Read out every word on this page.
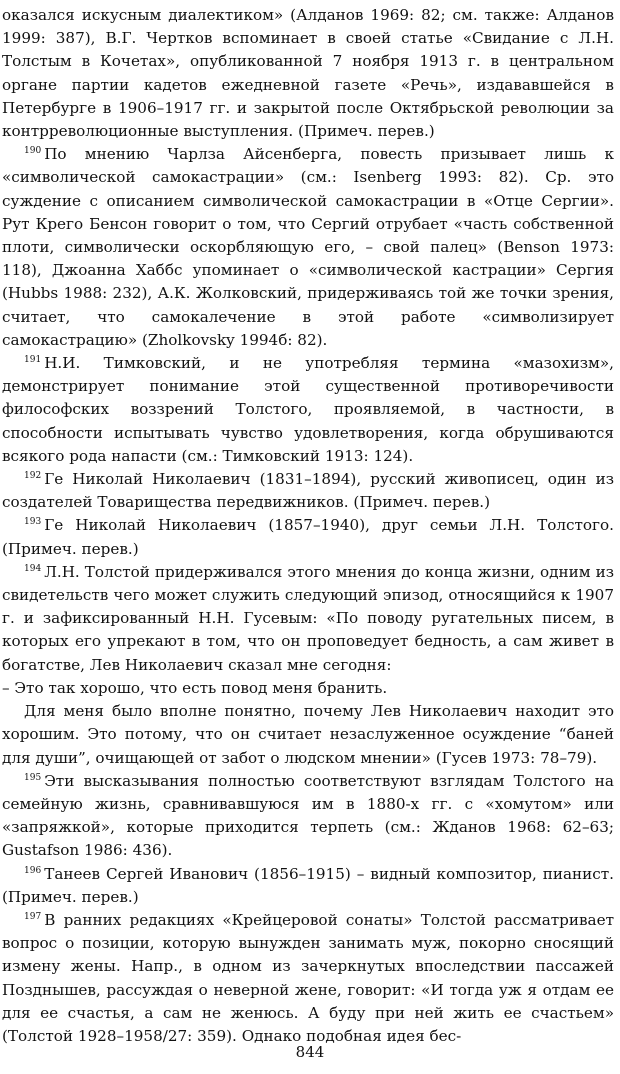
оказался искусным диалектиком» (Алданов 1969: 82; см. также: Алданов 1999: 387), В.Г. Чертков вспоминает в своей статье «Свидание с Л.Н. Толстым в Кочетах», опубликованной 7 ноября 1913 г. в центральном органе партии кадетов ежедневной газете «Речь», издававшейся в Петербурге в 1906–1917 гг. и закрытой после Октябрьской революции за контрреволюционные выступления. (Примеч. перев.)

$^{190}$ По мнению Чарлза Айсенберга, повесть призывает лишь к «символической самокастрации» (см.: Isenberg 1993: 82). Ср. это суждение с описанием символической самокастрации в «Отце Сергии». Рут Крего Бенсон говорит о том, что Сергий отрубает «часть собственной плоти, символически оскорбляющую его, – свой палец» (Benson 1973: 118), Джоанна Хаббс упоминает о «символической кастрации» Сергия (Hubbs 1988: 232), А.К. Жолковский, придерживаясь той же точки зрения, считает, что самокалечение в этой работе «символизирует самокастрацию» (Zholkovsky 1994б: 82).

$^{191}$ Н.И. Тимковский, и не употребляя термина «мазохизм», демонстрирует понимание этой существенной противоречивости философских воззрений Толстого, проявляемой, в частности, в способности испытывать чувство удовлетворения, когда обрушиваются всякого рода напасти (см.: Тимковский 1913: 124).

$^{192}$ Ге Николай Николаевич (1831–1894), русский живописец, один из создателей Товарищества передвижников. (Примеч. перев.)

$^{193}$ Ге Николай Николаевич (1857–1940), друг семьи Л.Н. Толстого. (Примеч. перев.)

$^{194}$ Л.Н. Толстой придерживался этого мнения до конца жизни, одним из свидетельств чего может служить следующий эпизод, относящийся к 1907 г. и зафиксированный Н.Н. Гусевым: «По поводу ругательных писем, в которых его упрекают в том, что он проповедует бедность, а сам живет в богатстве, Лев Николаевич сказал мне сегодня:

– Это так хорошо, что есть повод меня бранить.

Для меня было вполне понятно, почему Лев Николаевич находит это хорошим. Это потому, что он считает незаслуженное осуждение “баней для души”, очищающей от забот о людском мнении» (Гусев 1973: 78–79).

$^{195}$ Эти высказывания полностью соответствуют взглядам Толстого на семейную жизнь, сравнивавшуюся им в 1880-х гг. с «хомутом» или «запряжкой», которые приходится терпеть (см.: Жданов 1968: 62–63; Gustafson 1986: 436).

$^{196}$ Танеев Сергей Иванович (1856–1915) – видный композитор, пианист. (Примеч. перев.)

$^{197}$ В ранних редакциях «Крейцеровой сонаты» Толстой рассматривает вопрос о позиции, которую вынужден занимать муж, покорно сносящий измену жены. Напр., в одном из зачеркнутых впоследствии пассажей Позднышев, рассуждая о неверной жене, говорит: «И тогда уж я отдам ее для ее счастья, а сам не женюсь. А буду при ней жить ее счастьем» (Толстой 1928–1958/27: 359). Однако подобная идея бес-

844
